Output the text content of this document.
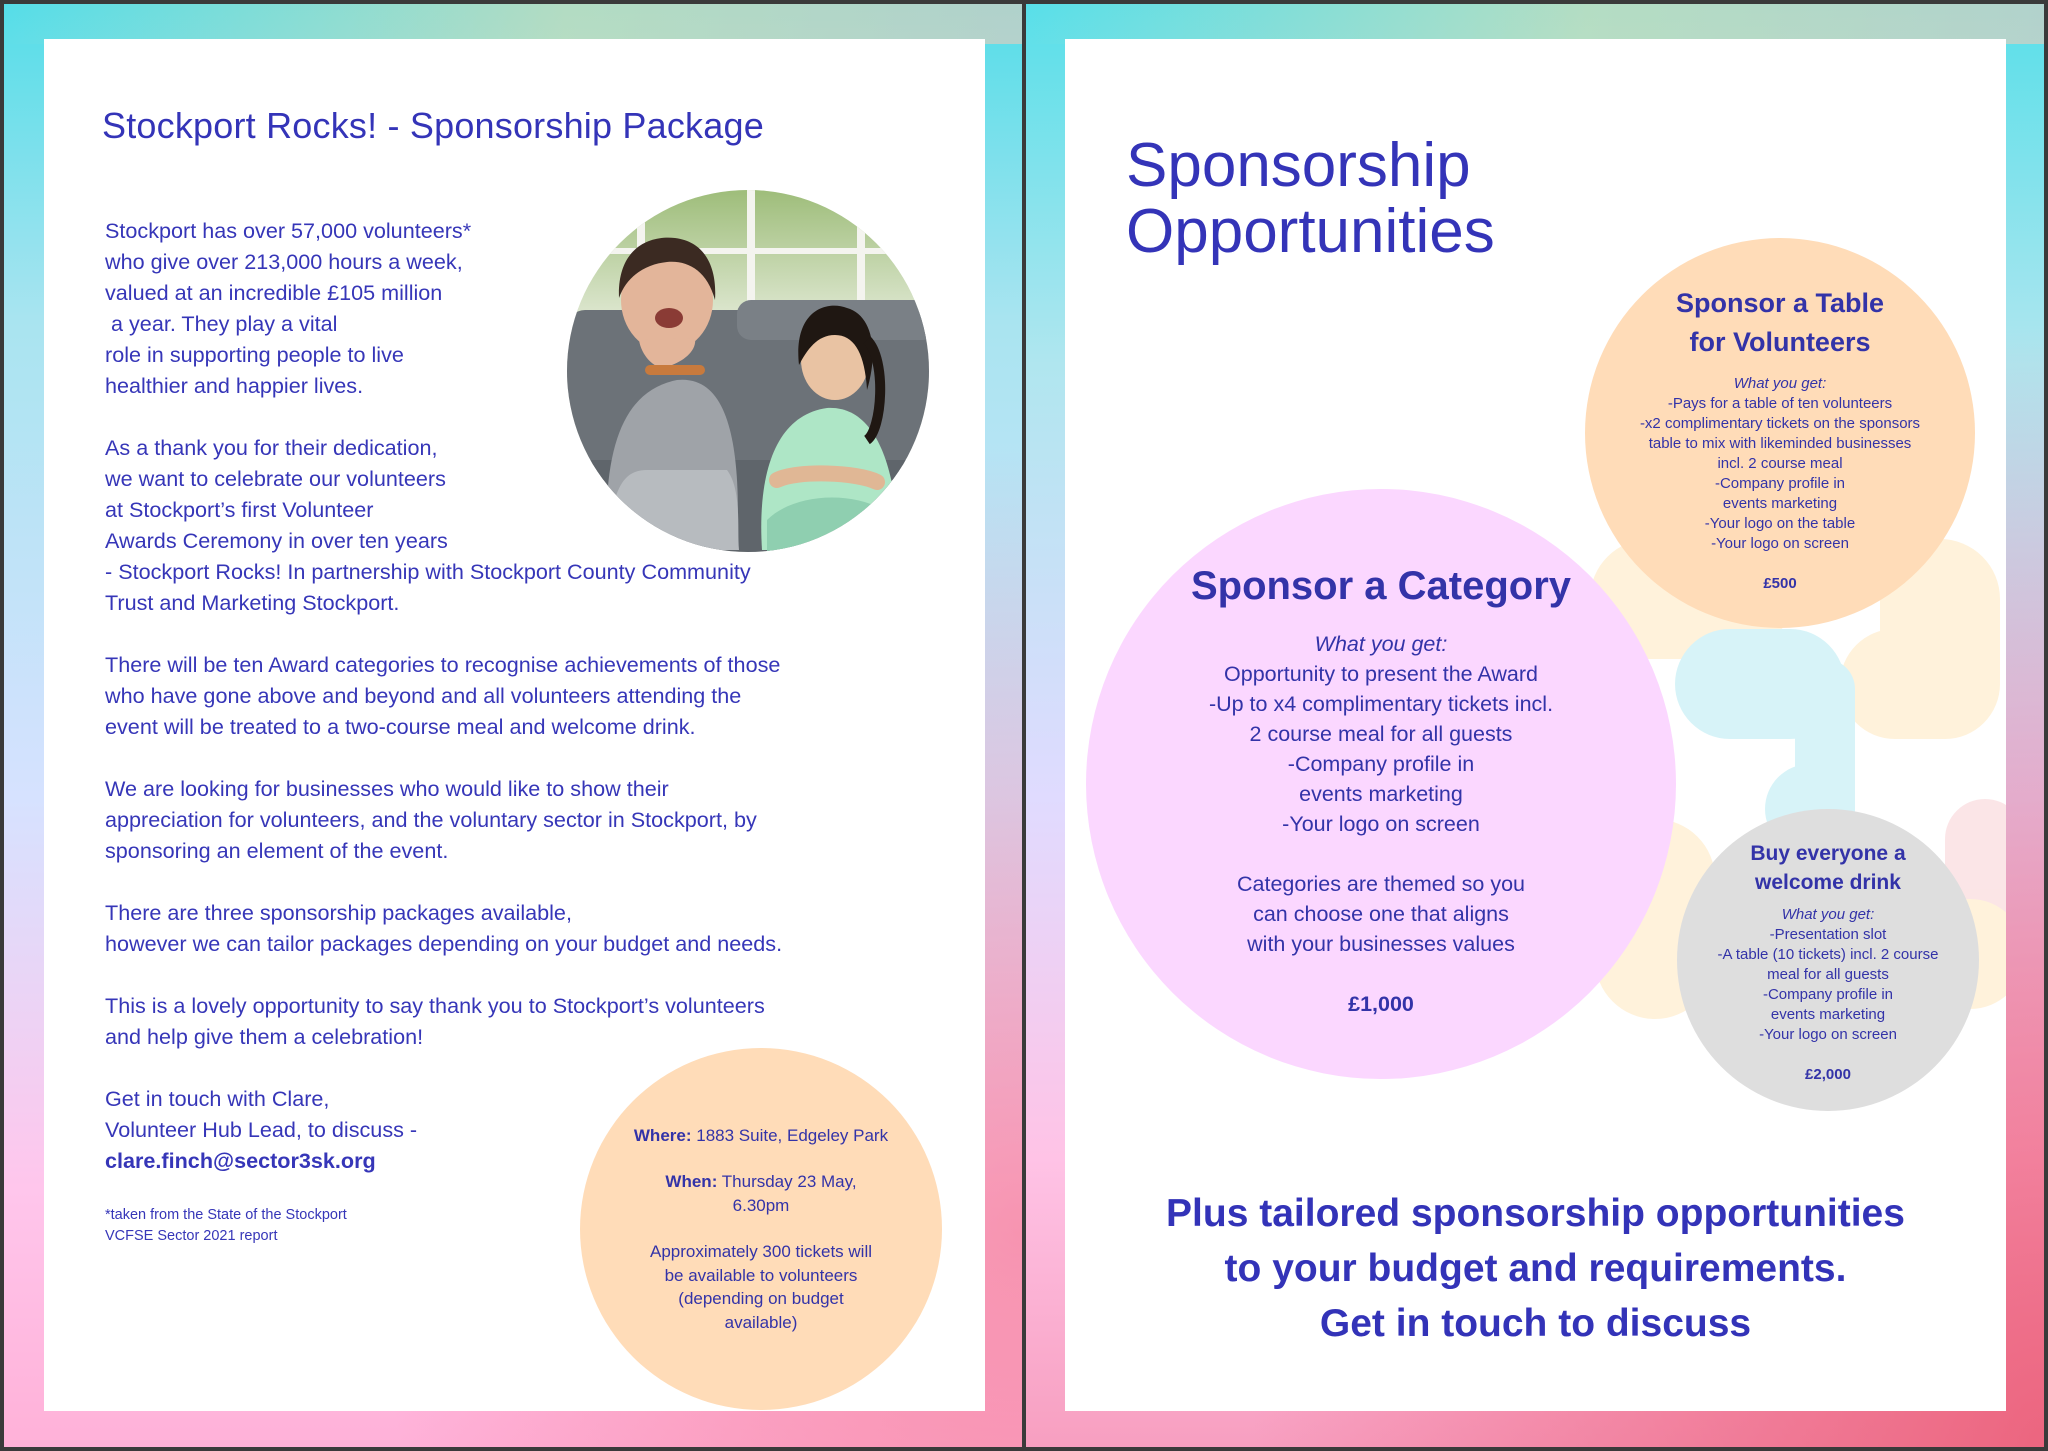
Stockport Rocks! - Sponsorship Package

Stockport has over 57,000 volunteers*
who give over 213,000 hours a week,
valued at an incredible £105 million
a year. They play a vital
role in supporting people to live
healthier and happier lives.

As a thank you for their dedication,
we want to celebrate our volunteers
at Stockport’s first Volunteer
Awards Ceremony in over ten years
- Stockport Rocks! In partnership with Stockport County Community
Trust and Marketing Stockport.

There will be ten Award categories to recognise achievements of those
who have gone above and beyond and all volunteers attending the
event will be treated to a two-course meal and welcome drink.

We are looking for businesses who would like to show their
appreciation for volunteers, and the voluntary sector in Stockport, by
sponsoring an element of the event.

There are three sponsorship packages available,
however we can tailor packages depending on your budget and needs.

This is a lovely opportunity to say thank you to Stockport’s volunteers
and help give them a celebration!

Get in touch with Clare,
Volunteer Hub Lead, to discuss -
clare.finch@sector3sk.org

*taken from the State of the Stockport
VCFSE Sector 2021 report

Where: 1883 Suite, Edgeley Park

When: Thursday 23 May,
6.30pm

Approximately 300 tickets will
be available to volunteers
(depending on budget
available)

Sponsorship
Opportunities
Sponsor a Table
for Volunteers
What you get:
-Pays for a table of ten volunteers
-x2 complimentary tickets on the sponsors
table to mix with likeminded businesses
incl. 2 course meal
-Company profile in
events marketing
-Your logo on the table
-Your logo on screen
£500
Sponsor a Category
What you get:
Opportunity to present the Award
-Up to x4 complimentary tickets incl.
2 course meal for all guests
-Company profile in
events marketing
-Your logo on screen
Categories are themed so you
can choose one that aligns
with your businesses values
£1,000
Buy everyone a
welcome drink
What you get:
-Presentation slot
-A table (10 tickets) incl. 2 course
meal for all guests
-Company profile in
events marketing
-Your logo on screen
£2,000
Plus tailored sponsorship opportunities
to your budget and requirements.
Get in touch to discuss
